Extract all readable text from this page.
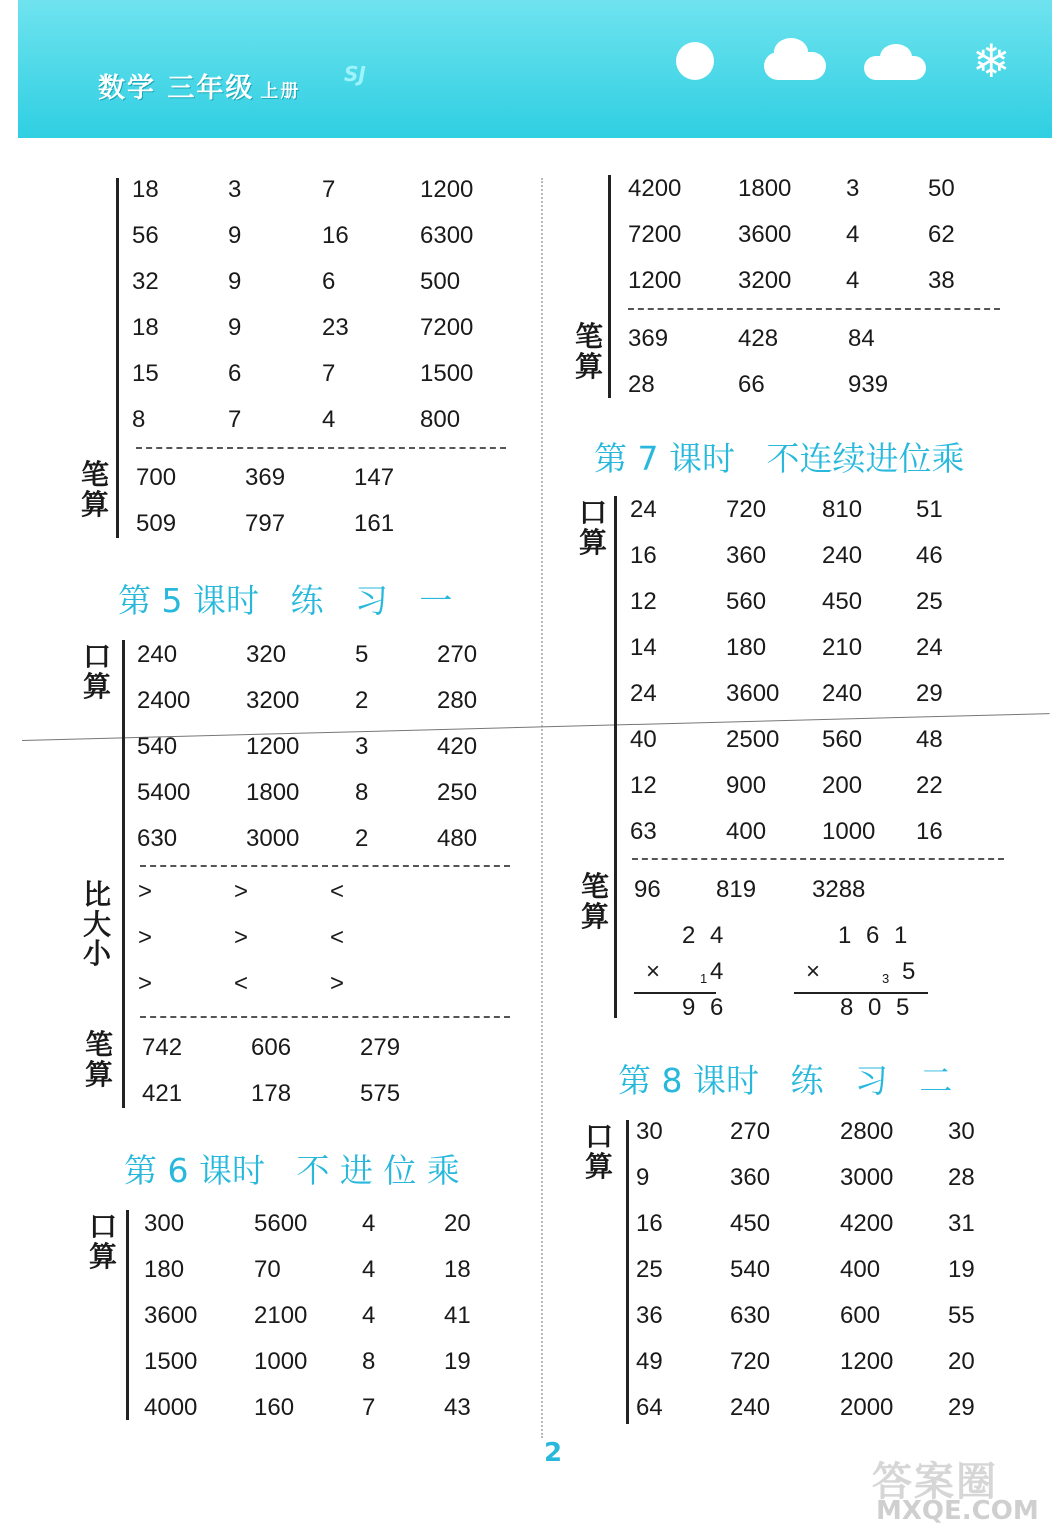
数学 三年级 上册
SJ	❄
18	3	7	1200
56	9	16	6300
32	9	6	500
18	9	23	7200
15	6	7	1500
8	7	4	800
笔
算
700	369	147
509	797	161
第 5 课时   练   习   一
口
算
240	320	5	270
2400 3200 2	280
540	1200 3	420
5400 1800 8	250
630	3000 2	480
比
大
小
>	>	<
>	>	<
>	<	>
笔
算
742	606	279
421	178	575
第 6 课时   不 进 位 乘
口
算
300	5600 4	20
180	70	4	18
3600 2100 4	41
1500 1000 8	19
4000 160	7	43
4200 1800 3	50
7200 3600 4	62
1200 3200 4	38
笔
算
369	428	84
28	66	939
第 7 课时   不连续进位乘
口
算
24	720 810 51
16	360 240 46
12	560 450 25
14	180 210 24
24	3600 240 29
40	2500 560 48
12	900 200 22
63	400 1000 16
笔
算
96 819 3288
2 4
×	1 4
9 6
1 6 1
×	3 5
8 0 5
第 8 课时   练   习   二
口
算
30	270	2800 30
9	360	3000 28
16	450	4200 31
25	540	400	19
36	630	600	55
49	720	1200 20
64	240	2000 29
2
答案圈
MXQE.COM
